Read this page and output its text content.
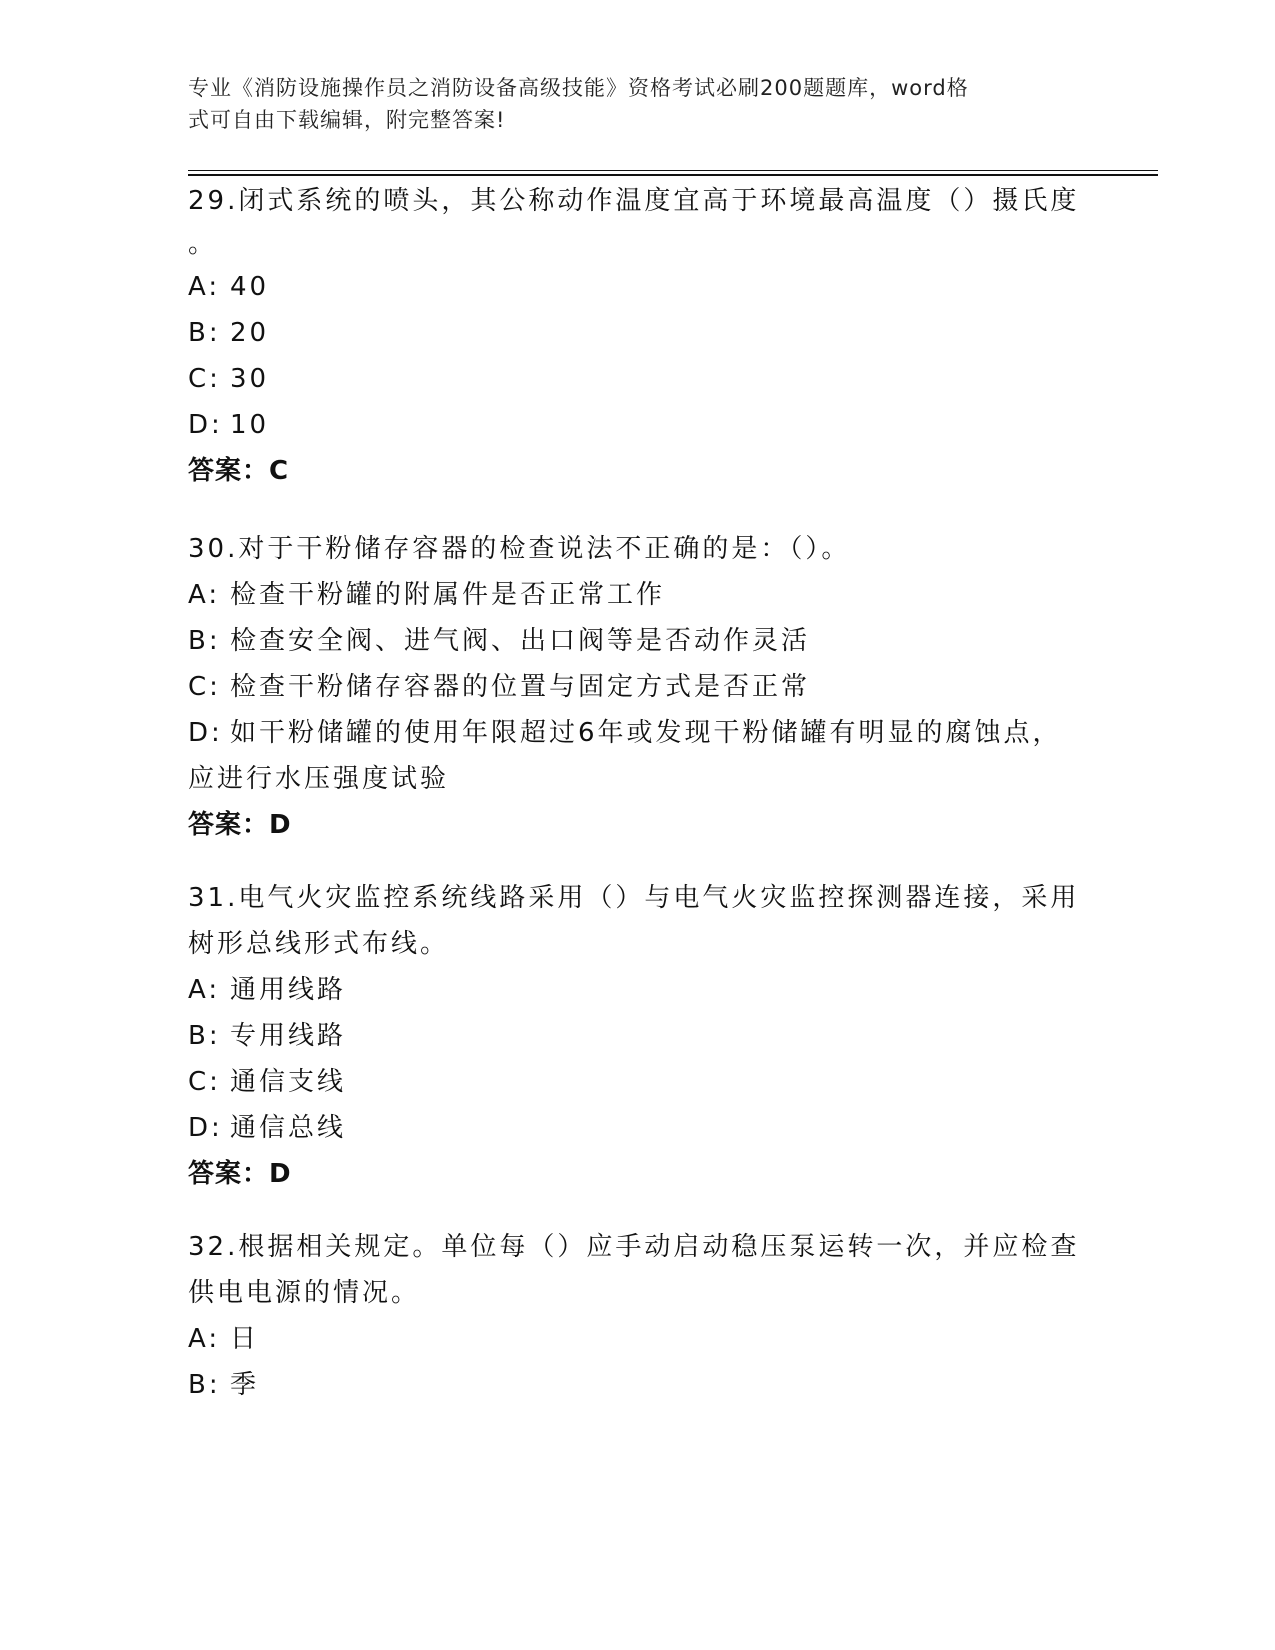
专业《消防设施操作员之消防设备高级技能》资格考试必刷200题题库，word格
式可自由下载编辑，附完整答案!

29.闭式系统的喷头，其公称动作温度宜高于环境最高温度（）摄氏度

。

A: 40

B: 20

C: 30

D: 10

答案：C

30.对于干粉储存容器的检查说法不正确的是：（）。

A: 检查干粉罐的附属件是否正常工作

B: 检查安全阀、进气阀、出口阀等是否动作灵活

C: 检查干粉储存容器的位置与固定方式是否正常

D: 如干粉储罐的使用年限超过6年或发现干粉储罐有明显的腐蚀点，

应进行水压强度试验

答案：D

31.电气火灾监控系统线路采用（）与电气火灾监控探测器连接，采用

树形总线形式布线。

A: 通用线路

B: 专用线路

C: 通信支线

D: 通信总线

答案：D

32.根据相关规定。单位每（）应手动启动稳压泵运转一次，并应检查

供电电源的情况。

A: 日

B: 季
